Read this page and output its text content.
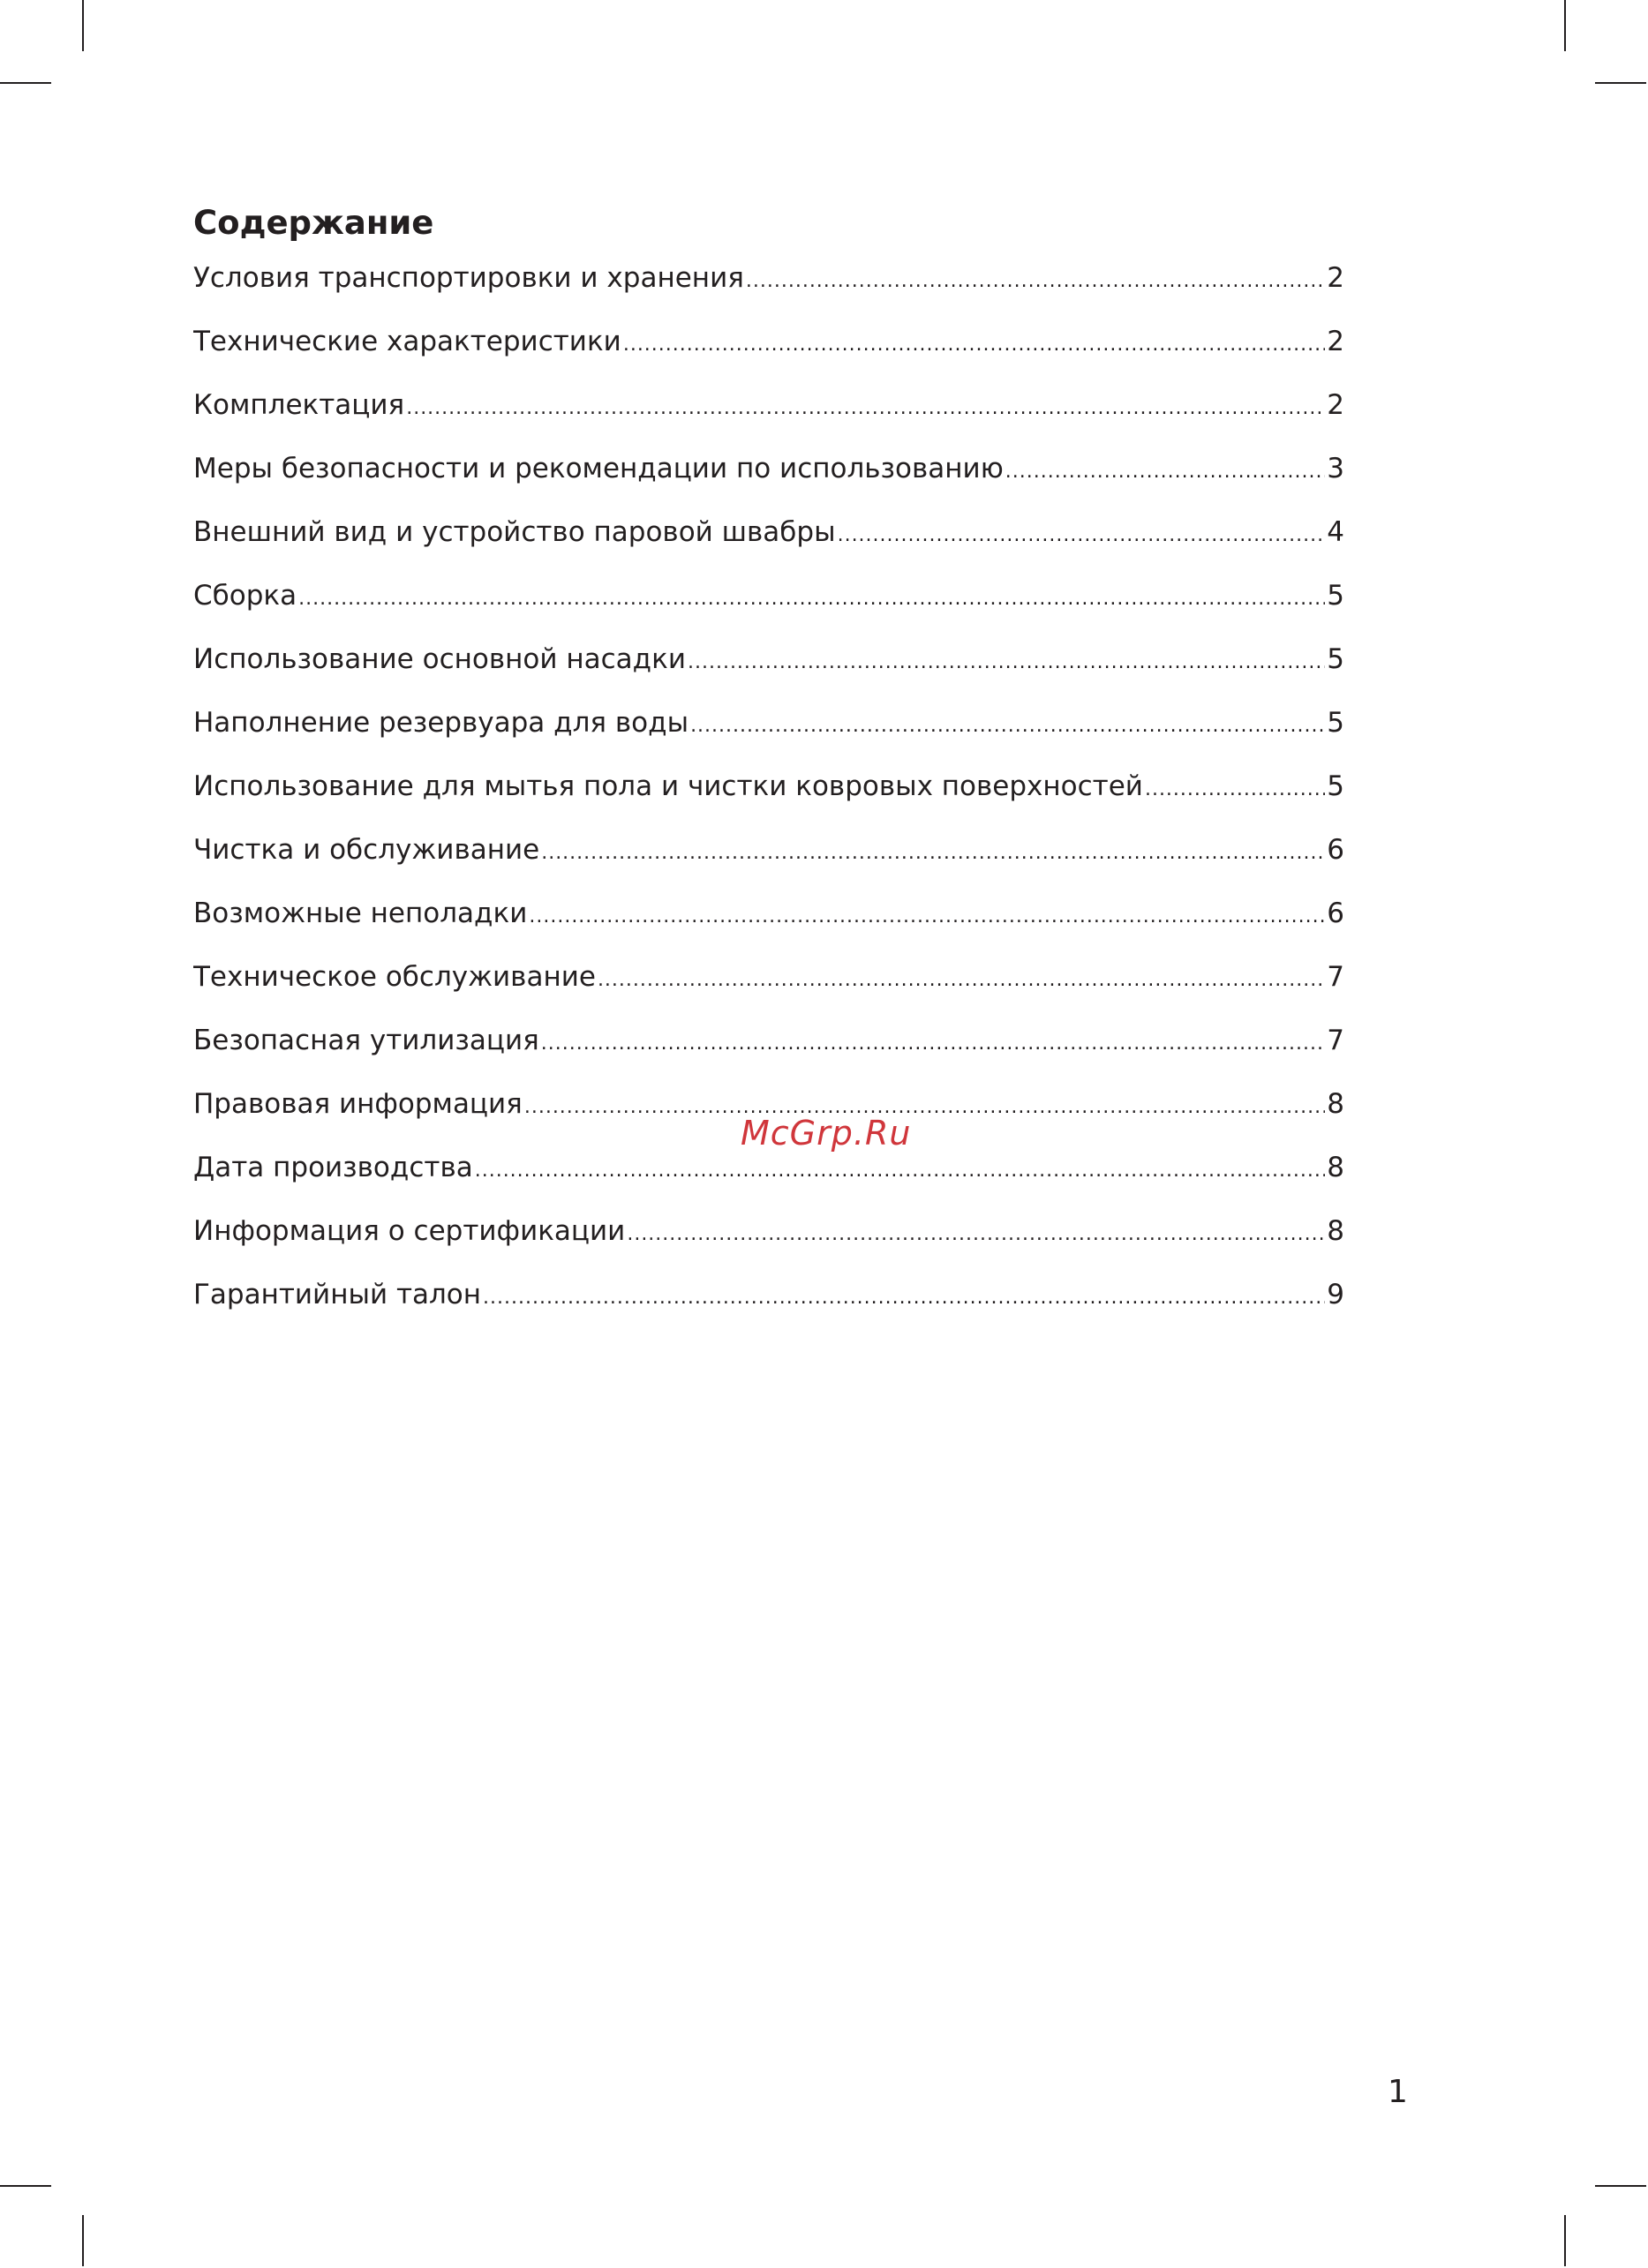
Содержание
Условия транспортировки и хранения .....	2
Технические характеристики .....	2
Комплектация .....	2
Меры безопасности и рекомендации по использованию .....	3
Внешний вид и устройство паровой швабры .....	4
Сборка .....	5
Использование основной насадки .....	5
Наполнение резервуара для воды .....	5
Использование для мытья пола и чистки ковровых поверхностей .....	5
Чистка и обслуживание .....	6
Возможные неполадки .....	6
Техническое обслуживание .....	7
Безопасная утилизация .....	7
Правовая информация .....	8
Дата производства .....	8
Информация о сертификации .....	8
Гарантийный талон .....	9
McGrp.Ru
1
